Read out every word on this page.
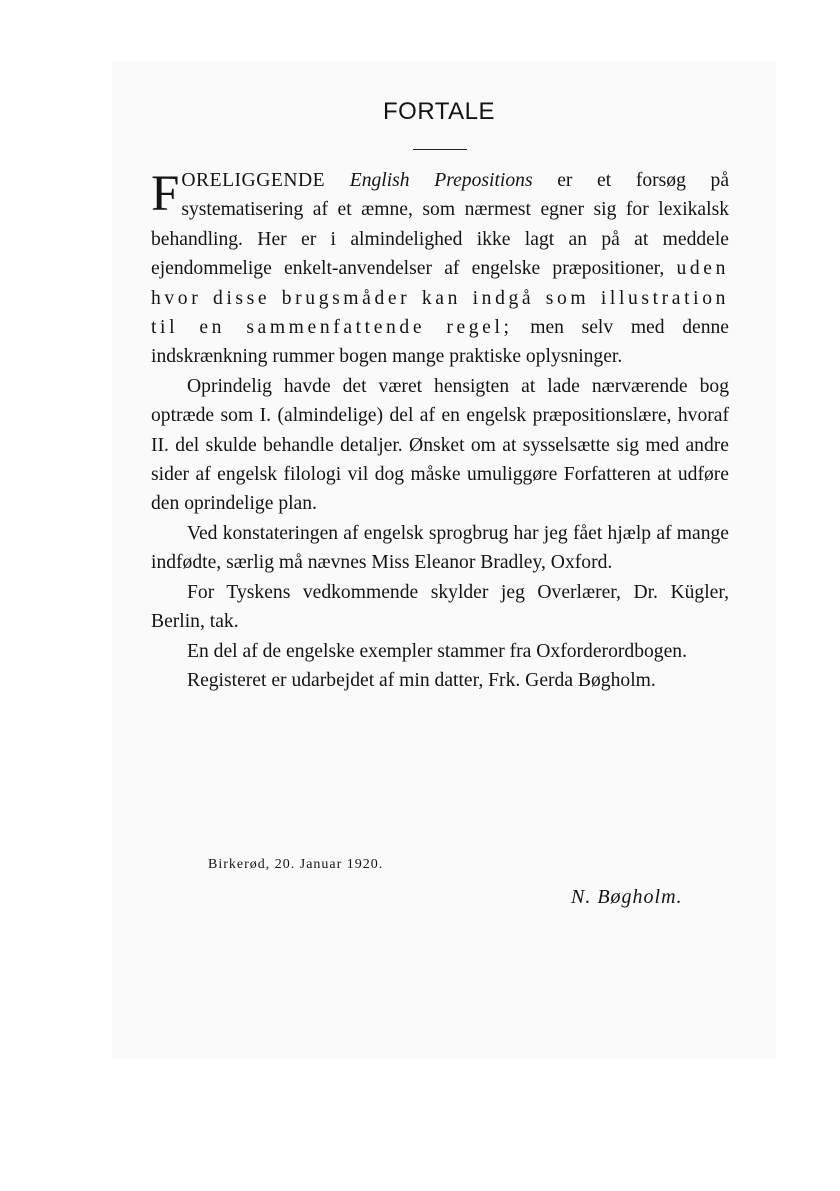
FORTALE

FORELIGGENDE English Prepositions er et forsøg på systematisering af et æmne, som nærmest egner sig for lexikalsk behandling. Her er i almindelighed ikke lagt an på at meddele ejendommelige enkelt-anvendelser af engelske præpositioner, uden hvor disse brugsmåder kan indgå som illustration til en sammenfattende regel; men selv med denne indskrænkning rummer bogen mange praktiske oplysninger.

Oprindelig havde det været hensigten at lade nærværende bog optræde som I. (almindelige) del af en engelsk præpositionslære, hvoraf II. del skulde behandle detaljer. Ønsket om at sysselsætte sig med andre sider af engelsk filologi vil dog måske umuliggøre Forfatteren at udføre den oprindelige plan.

Ved konstateringen af engelsk sprogbrug har jeg fået hjælp af mange indfødte, særlig må nævnes Miss Eleanor Bradley, Oxford.

For Tyskens vedkommende skylder jeg Overlærer, Dr. Kügler, Berlin, tak.

En del af de engelske exempler stammer fra Oxforderordbogen.

Registeret er udarbejdet af min datter, Frk. Gerda Bøgholm.

Birkerød, 20. Januar 1920.
N. Bøgholm.
